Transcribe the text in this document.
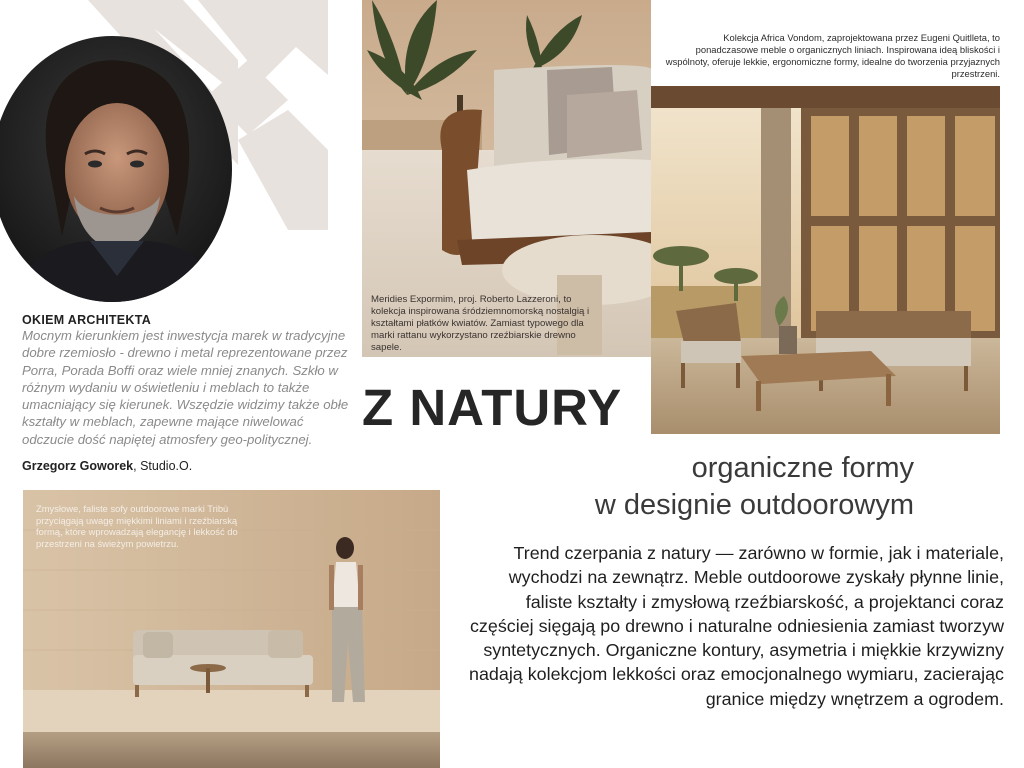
OKIEM ARCHITEKTA
Mocnym kierunkiem jest inwestycja marek w tradycyjne dobre rzemiosło - drewno i metal reprezentowane przez Porra, Porada Boffi oraz wiele mniej znanych. Szkło w różnym wydaniu w oświetleniu i meblach to także umacniający się kierunek. Wszędzie widzimy także obłe kształty w meblach, zapewne mające niwelować odczucie dość napiętej atmosfery geo-politycznej.
Grzegorz Goworek, Studio.O.
Meridies Expormim, proj. Roberto Lazzeroni, to kolekcja inspirowana śródziemnomorską nostalgią i kształtami płatków kwiatów. Zamiast typowego dla marki rattanu wykorzystano rzeźbiarskie drewno sapele.
Kolekcja Africa Vondom, zaprojektowana przez Eugeni Quitlleta, to ponadczasowe meble o organicznych liniach. Inspirowana ideą bliskości i wspólnoty, oferuje lekkie, ergonomiczne formy, idealne do tworzenia przyjaznych przestrzeni.
Z NATURY
organiczne formy
w designie outdoorowym
Trend czerpania z natury — zarówno w formie, jak i materiale, wychodzi na zewnątrz. Meble outdoorowe zyskały płynne linie, faliste kształty i zmysłową rzeźbiarskość, a projektanci coraz częściej sięgają po drewno i naturalne odniesienia zamiast tworzyw syntetycznych. Organiczne kontury, asymetria i miękkie krzywizny nadają kolekcjom lekkości oraz emocjonalnego wymiaru, zacierając granice między wnętrzem a ogrodem.
Zmysłowe, faliste sofy outdoorowe marki Tribù przyciągają uwagę miękkimi liniami i rzeźbiarską formą, które wprowadzają elegancję i lekkość do przestrzeni na świeżym powietrzu.
